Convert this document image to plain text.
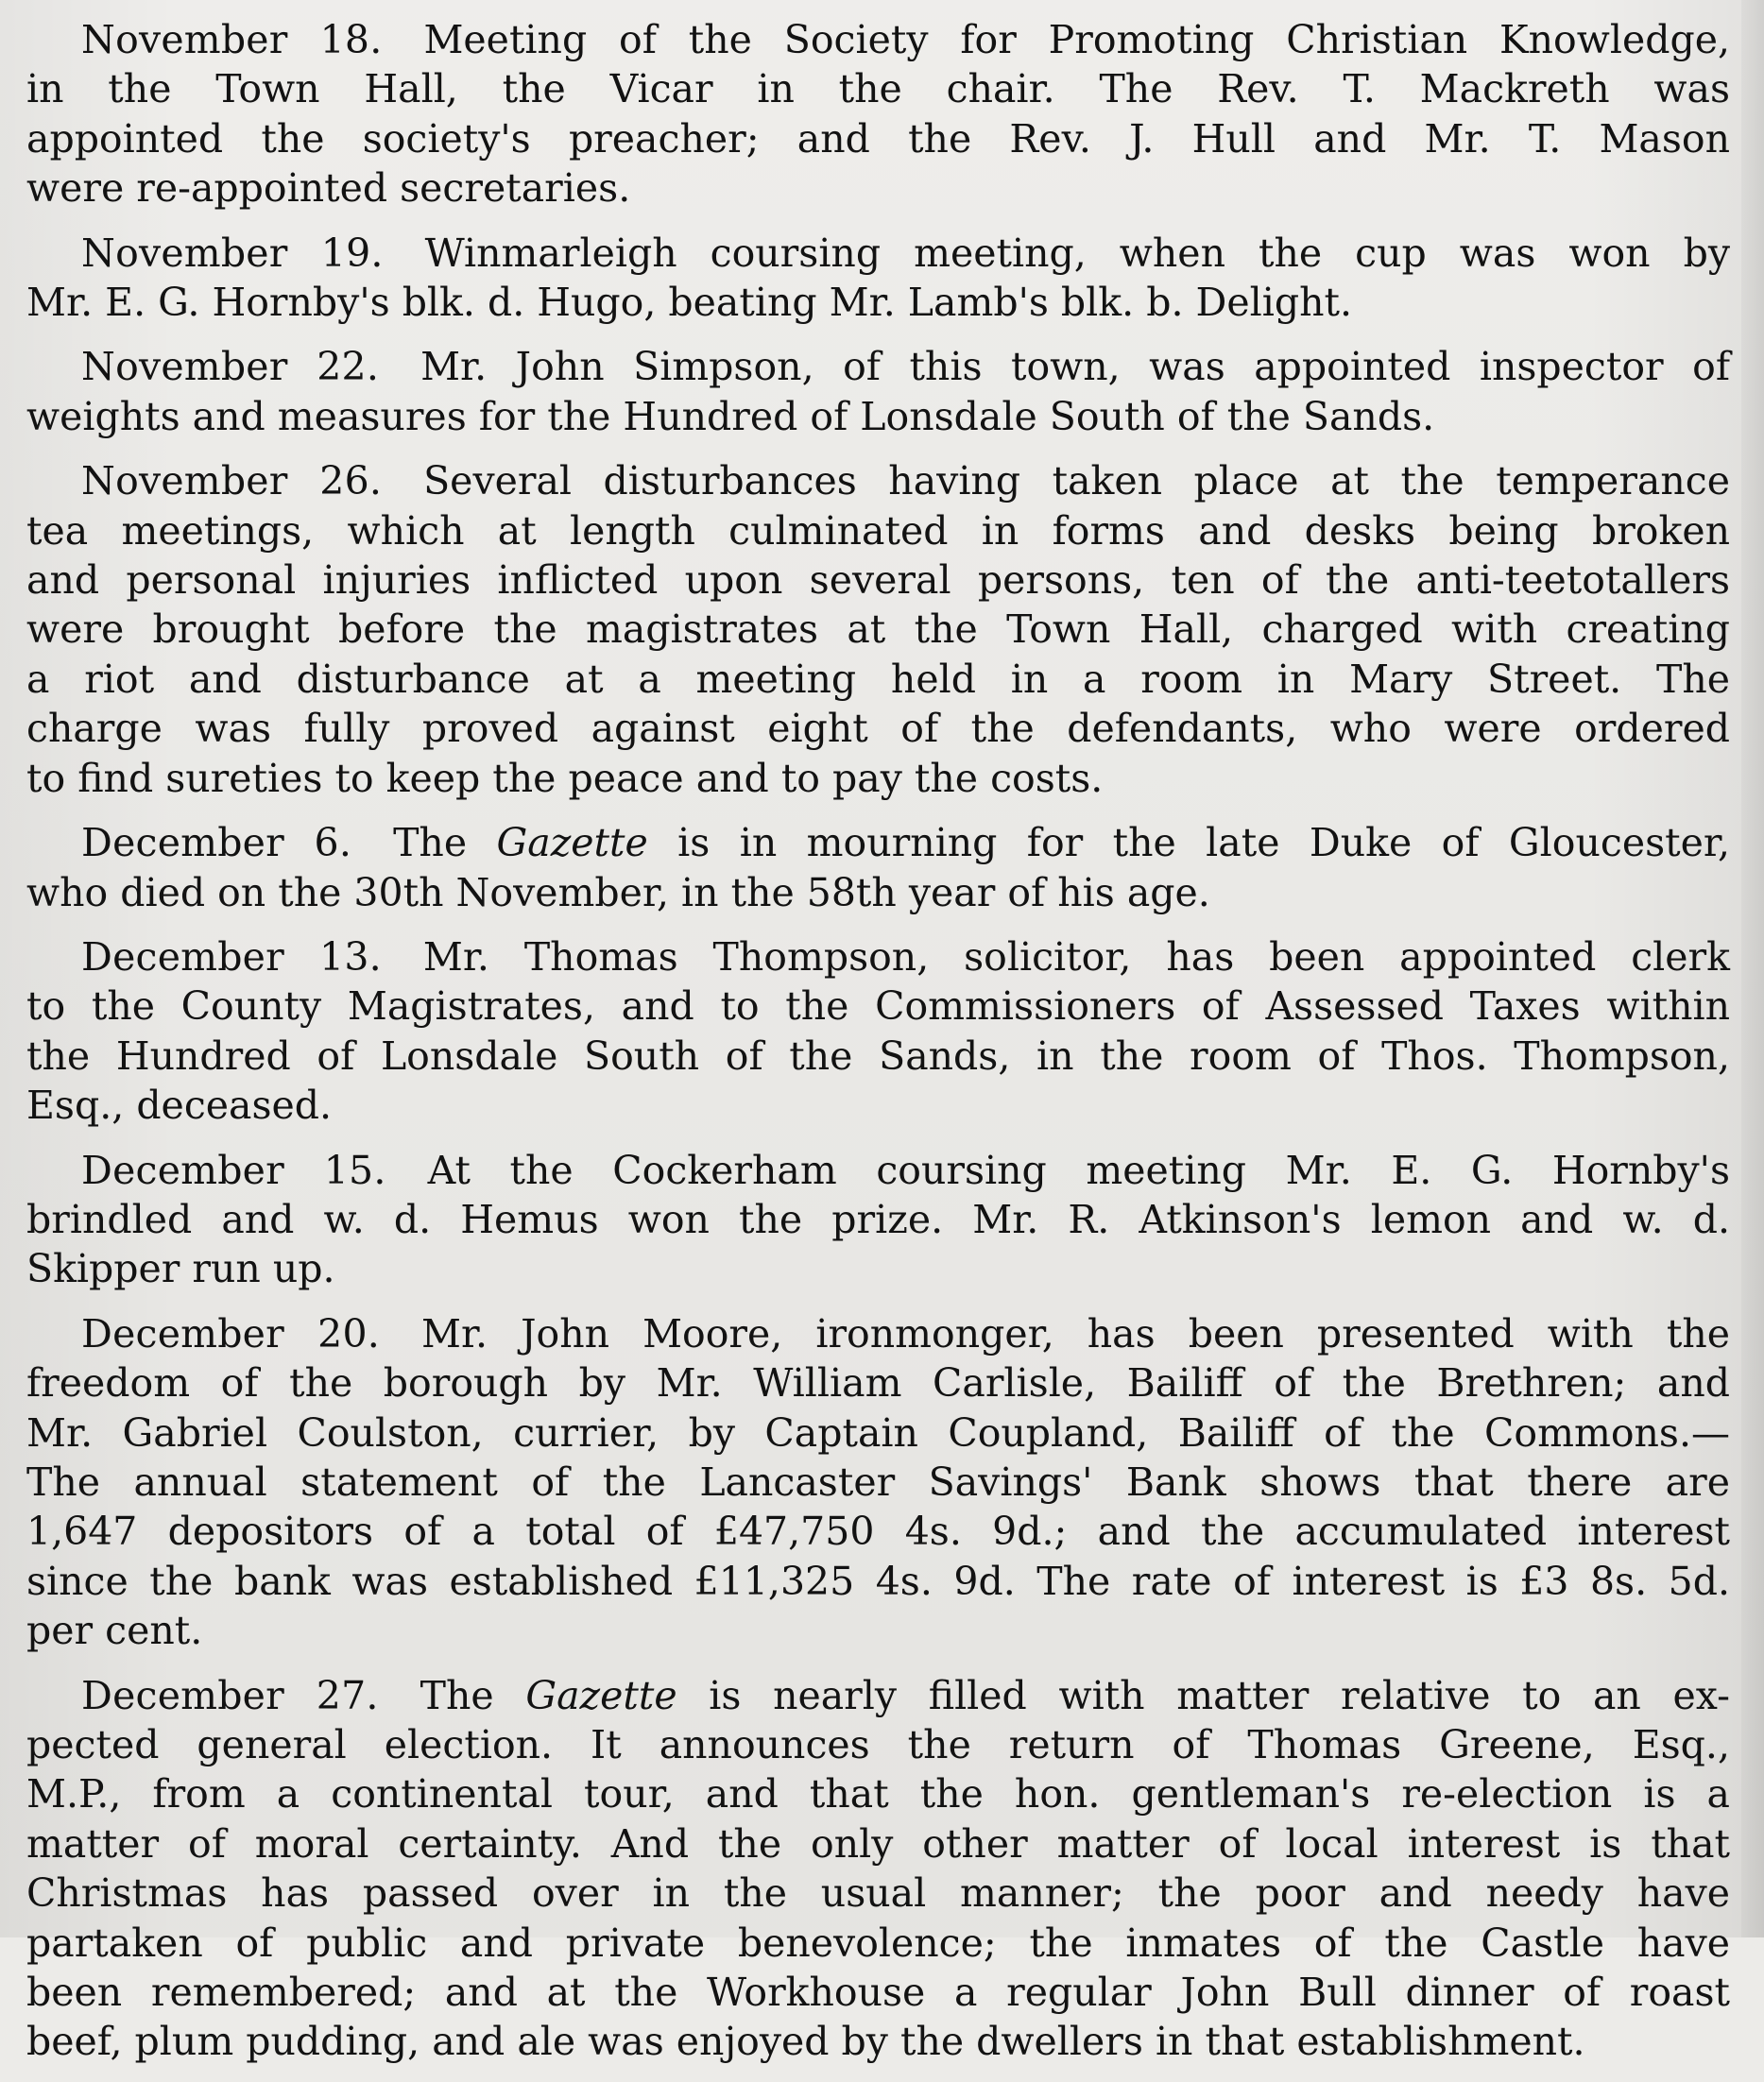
November 18. Meeting of the Society for Promoting Christian Knowledge,
in the Town Hall, the Vicar in the chair. The Rev. T. Mackreth was
appointed the society's preacher; and the Rev. J. Hull and Mr. T. Mason
were re-appointed secretaries.

November 19. Winmarleigh coursing meeting, when the cup was won by
Mr. E. G. Hornby's blk. d. Hugo, beating Mr. Lamb's blk. b. Delight.

November 22. Mr. John Simpson, of this town, was appointed inspector of
weights and measures for the Hundred of Lonsdale South of the Sands.

November 26. Several disturbances having taken place at the temperance
tea meetings, which at length culminated in forms and desks being broken
and personal injuries inflicted upon several persons, ten of the anti-teetotallers
were brought before the magistrates at the Town Hall, charged with creating
a riot and disturbance at a meeting held in a room in Mary Street. The
charge was fully proved against eight of the defendants, who were ordered
to find sureties to keep the peace and to pay the costs.

December 6. The Gazette is in mourning for the late Duke of Gloucester,
who died on the 30th November, in the 58th year of his age.

December 13. Mr. Thomas Thompson, solicitor, has been appointed clerk
to the County Magistrates, and to the Commissioners of Assessed Taxes within
the Hundred of Lonsdale South of the Sands, in the room of Thos. Thompson,
Esq., deceased.

December 15. At the Cockerham coursing meeting Mr. E. G. Hornby's
brindled and w. d. Hemus won the prize. Mr. R. Atkinson's lemon and w. d.
Skipper run up.

December 20. Mr. John Moore, ironmonger, has been presented with the
freedom of the borough by Mr. William Carlisle, Bailiff of the Brethren; and
Mr. Gabriel Coulston, currier, by Captain Coupland, Bailiff of the Commons.—
The annual statement of the Lancaster Savings' Bank shows that there are
1,647 depositors of a total of £47,750 4s. 9d.; and the accumulated interest
since the bank was established £11,325 4s. 9d. The rate of interest is £3 8s. 5d.
per cent.

December 27. The Gazette is nearly filled with matter relative to an ex-
pected general election. It announces the return of Thomas Greene, Esq.,
M.P., from a continental tour, and that the hon. gentleman's re-election is a
matter of moral certainty. And the only other matter of local interest is that
Christmas has passed over in the usual manner; the poor and needy have
partaken of public and private benevolence; the inmates of the Castle have
been remembered; and at the Workhouse a regular John Bull dinner of roast
beef, plum pudding, and ale was enjoyed by the dwellers in that establishment.
